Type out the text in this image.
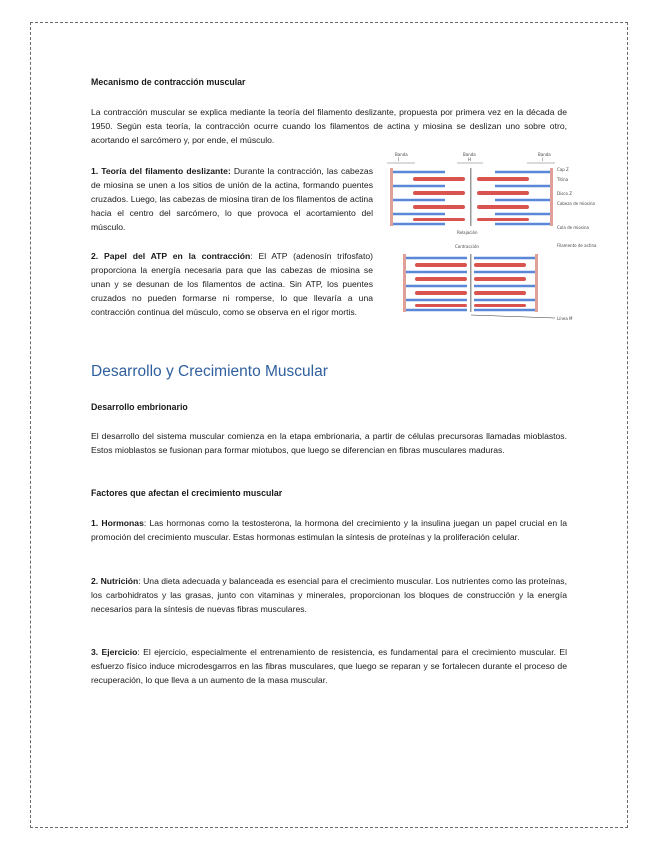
Mecanismo de contracción muscular
La contracción muscular se explica mediante la teoría del filamento deslizante, propuesta por primera vez en la década de 1950. Según esta teoría, la contracción ocurre cuando los filamentos de actina y miosina se deslizan uno sobre otro, acortando el sarcómero y, por ende, el músculo.
1. Teoría del filamento deslizante: Durante la contracción, las cabezas de miosina se unen a los sitios de unión de la actina, formando puentes cruzados. Luego, las cabezas de miosina tiran de los filamentos de actina hacia el centro del sarcómero, lo que provoca el acortamiento del músculo.
2. Papel del ATP en la contracción: El ATP (adenosín trifosfato) proporciona la energía necesaria para que las cabezas de miosina se unan y se desunan de los filamentos de actina. Sin ATP, los puentes cruzados no pueden formarse ni romperse, lo que llevaría a una contracción continua del músculo, como se observa en el rigor mortis.
Banda
I
Banda
H
Banda
I
Relajación
Cap Z
Titina
Disco Z
Cabeza de miosina
Cola de miosina
Filamento de actina
Línea M
Contracción
Desarrollo y Crecimiento Muscular
Desarrollo embrionario
El desarrollo del sistema muscular comienza en la etapa embrionaria, a partir de células precursoras llamadas mioblastos. Estos mioblastos se fusionan para formar miotubos, que luego se diferencian en fibras musculares maduras.
Factores que afectan el crecimiento muscular
1. Hormonas: Las hormonas como la testosterona, la hormona del crecimiento y la insulina juegan un papel crucial en la promoción del crecimiento muscular. Estas hormonas estimulan la síntesis de proteínas y la proliferación celular.
2. Nutrición: Una dieta adecuada y balanceada es esencial para el crecimiento muscular. Los nutrientes como las proteínas, los carbohidratos y las grasas, junto con vitaminas y minerales, proporcionan los bloques de construcción y la energía necesarios para la síntesis de nuevas fibras musculares.
3. Ejercicio: El ejercicio, especialmente el entrenamiento de resistencia, es fundamental para el crecimiento muscular. El esfuerzo físico induce microdesgarros en las fibras musculares, que luego se reparan y se fortalecen durante el proceso de recuperación, lo que lleva a un aumento de la masa muscular.
